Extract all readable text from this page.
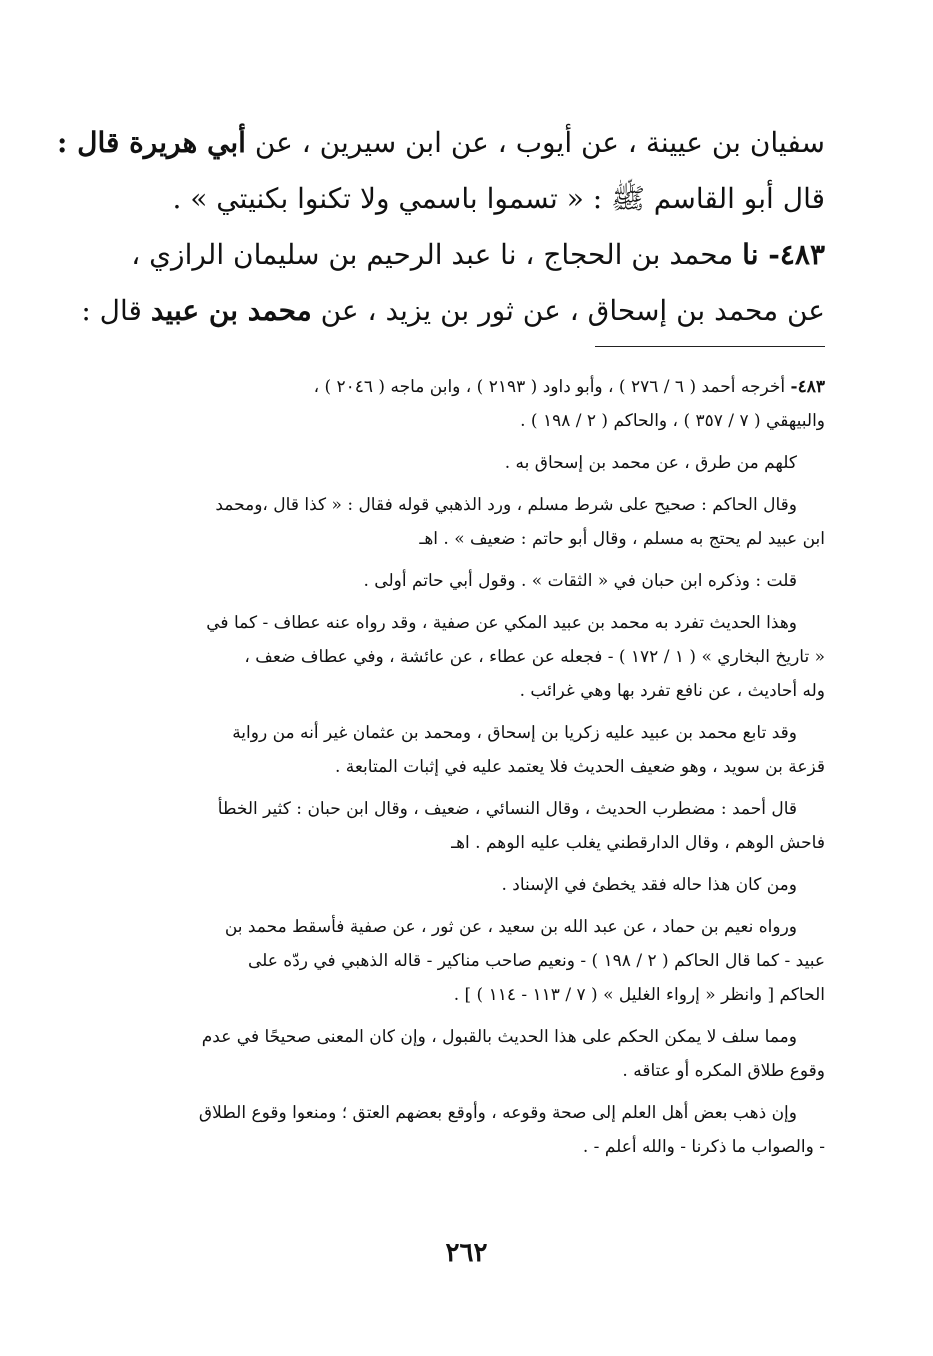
سفيان بن عيينة ، عن أيوب ، عن ابن سيرين ، عن أبي هريرة قال :

قال أبو القاسم ﷺ : « تسموا باسمي ولا تكنوا بكنيتي » .

٤٨٣- نا محمد بن الحجاج ، نا عبد الرحيم بن سليمان الرازي ،

عن محمد بن إسحاق ، عن ثور بن يزيد ، عن محمد بن عبيد قال :

٤٨٣- أخرجه أحمد ( ٦ / ٢٧٦ ) ، وأبو داود ( ٢١٩٣ ) ، وابن ماجه ( ٢٠٤٦ ) ،

والبيهقي ( ٧ / ٣٥٧ ) ، والحاكم ( ٢ / ١٩٨ ) .

كلهم من طرق ، عن محمد بن إسحاق به .

وقال الحاكم : صحيح على شرط مسلم ، ورد الذهبي قوله فقال : « كذا قال ،ومحمد

ابن عبيد لم يحتج به مسلم ، وقال أبو حاتم : ضعيف » . اهـ

قلت : وذكره ابن حبان في « الثقات » . وقول أبي حاتم أولى .

وهذا الحديث تفرد به محمد بن عبيد المكي عن صفية ، وقد رواه عنه عطاف - كما في

« تاريخ البخاري » ( ١ / ١٧٢ ) - فجعله عن عطاء ، عن عائشة ، وفي عطاف ضعف ،

وله أحاديث ، عن نافع تفرد بها وهي غرائب .

وقد تابع محمد بن عبيد عليه زكريا بن إسحاق ، ومحمد بن عثمان غير أنه من رواية

قزعة بن سويد ، وهو ضعيف الحديث فلا يعتمد عليه في إثبات المتابعة .

قال أحمد : مضطرب الحديث ، وقال النسائي ، ضعيف ، وقال ابن حبان : كثير الخطأ

فاحش الوهم ، وقال الدارقطني يغلب عليه الوهم . اهـ

ومن كان هذا حاله فقد يخطئ في الإسناد .

ورواه نعيم بن حماد ، عن عبد الله بن سعيد ، عن ثور ، عن صفية فأسقط محمد بن

عبيد - كما قال الحاكم ( ٢ / ١٩٨ ) - ونعيم صاحب مناكير - قاله الذهبي في ردّه على

الحاكم [ وانظر « إرواء الغليل » ( ٧ / ١١٣ - ١١٤ ) ] .

ومما سلف لا يمكن الحكم على هذا الحديث بالقبول ، وإن كان المعنى صحيحًا في عدم

وقوع طلاق المكره أو عتاقه .

وإن ذهب بعض أهل العلم إلى صحة وقوعه ، وأوقع بعضهم العتق ؛ ومنعوا وقوع الطلاق

- والصواب ما ذكرنا - والله أعلم - .

٢٦٢
